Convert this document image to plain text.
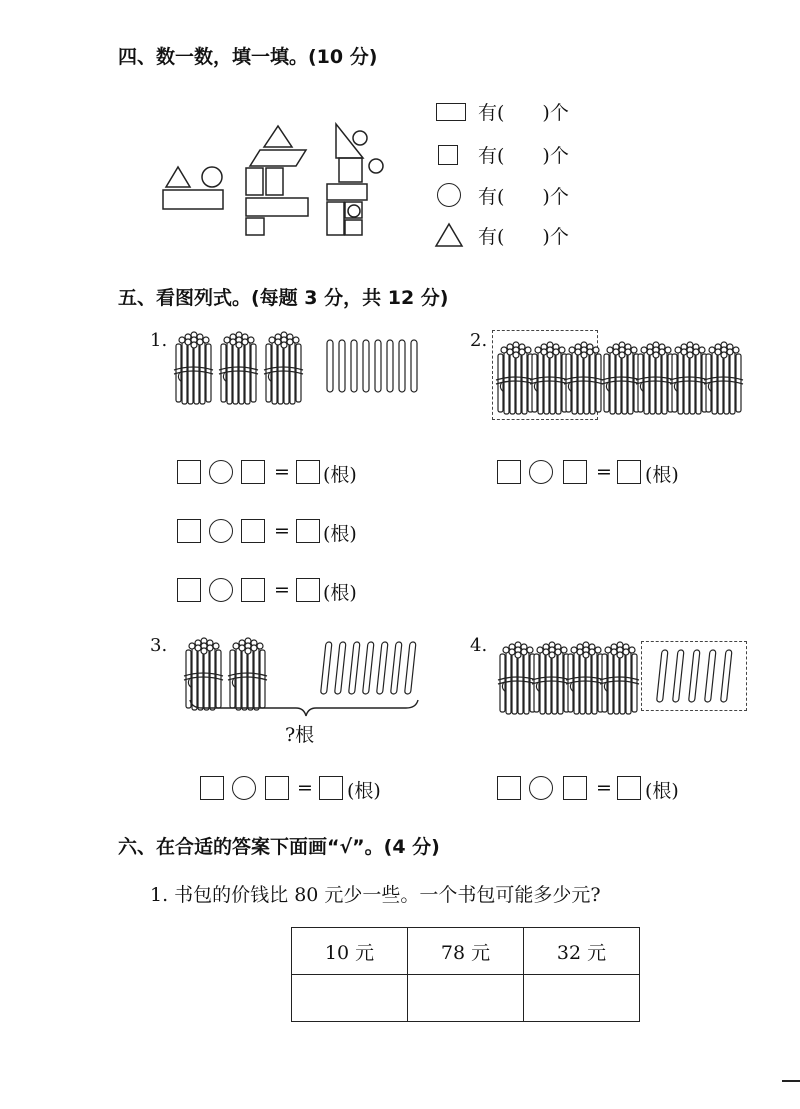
四、数一数，填一填。(10 分)
有(　　)个
有(　　)个
有(　　)个
有(　　)个
五、看图列式。(每题 3 分，共 12 分)
1.
= (根)
= (根)
= (根)
2.
= (根)
3.
?根
= (根)
4.
= (根)
六、在合适的答案下面画“√”。(4 分)
1. 书包的价钱比 80 元少一些。一个书包可能多少元?
10 元	78 元	32 元
